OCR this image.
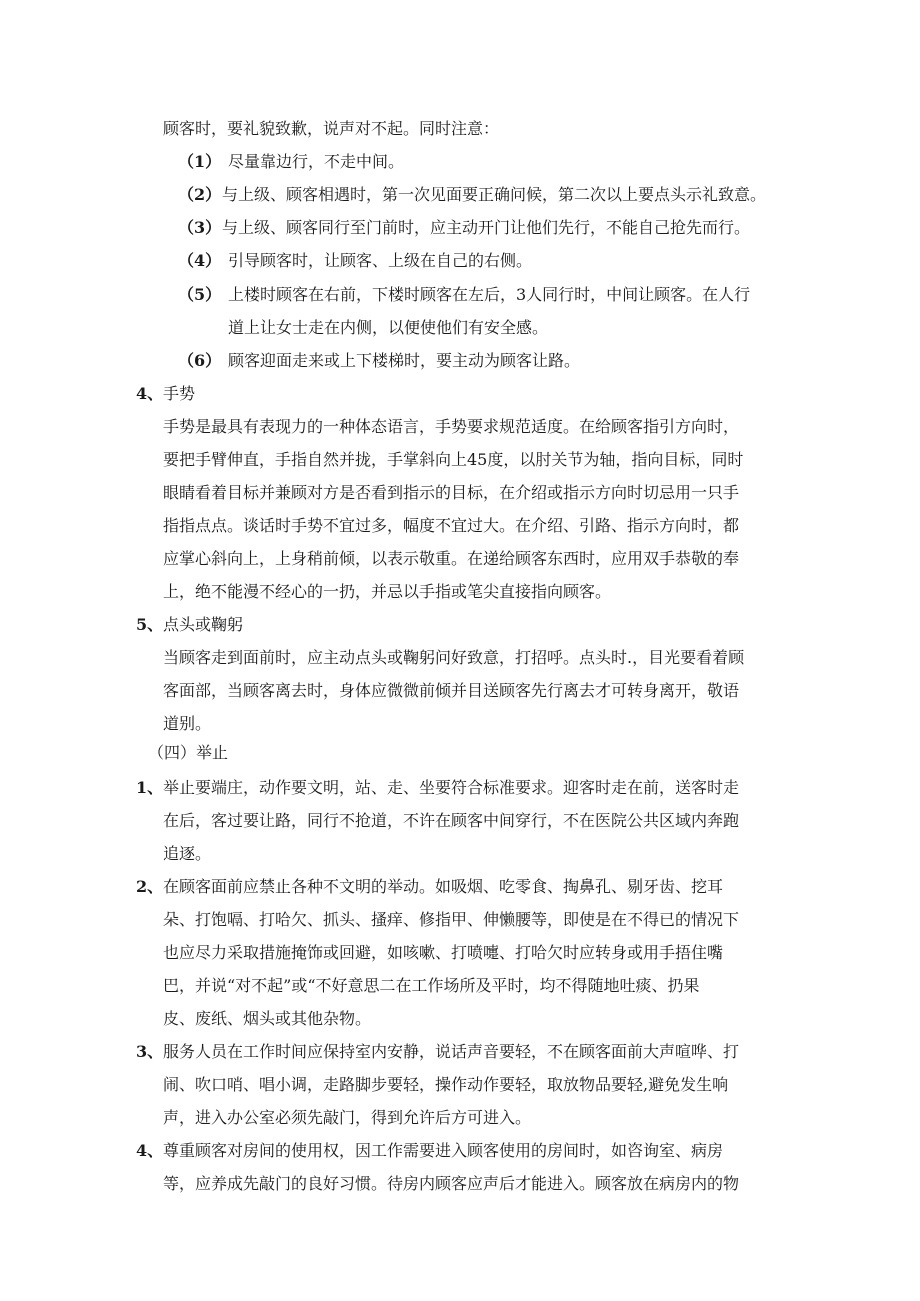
顾客时，要礼貌致歉，说声对不起。同时注意：
（1） 尽量靠边行，不走中间。
（2） 与上级、顾客相遇时，第一次见面要正确问候，第二次以上要点头示礼致意。
（3） 与上级、顾客同行至门前时，应主动开门让他们先行，不能自己抢先而行。
（4） 引导顾客时，让顾客、上级在自己的右侧。
（5） 上楼时顾客在右前，下楼时顾客在左后，3人同行时，中间让顾客。在人行
道上让女士走在内侧，以便使他们有安全感。
（6） 顾客迎面走来或上下楼梯时，要主动为顾客让路。
4、 手势
手势是最具有表现力的一种体态语言，手势要求规范适度。在给顾客指引方向时，
要把手臂伸直，手指自然并拢，手掌斜向上45度，以肘关节为轴，指向目标，同时
眼睛看着目标并兼顾对方是否看到指示的目标，在介绍或指示方向时切忌用一只手
指指点点。谈话时手势不宜过多，幅度不宜过大。在介绍、引路、指示方向时，都
应掌心斜向上，上身稍前倾，以表示敬重。在递给顾客东西时，应用双手恭敬的奉
上，绝不能漫不经心的一扔，并忌以手指或笔尖直接指向顾客。
5、 点头或鞠躬
当顾客走到面前时，应主动点头或鞠躬问好致意，打招呼。点头时.，目光要看着顾
客面部，当顾客离去时，身体应微微前倾并目送顾客先行离去才可转身离开，敬语
道别。
（四）举止
1、 举止要端庄，动作要文明，站、走、坐要符合标准要求。迎客时走在前，送客时走
在后，客过要让路，同行不抢道，不许在顾客中间穿行，不在医院公共区域内奔跑
追逐。
2、 在顾客面前应禁止各种不文明的举动。如吸烟、吃零食、掏鼻孔、剔牙齿、挖耳
朵、打饱嗝、打哈欠、抓头、搔痒、修指甲、伸懒腰等，即使是在不得已的情况下
也应尽力采取措施掩饰或回避，如咳嗽、打喷嚏、打哈欠时应转身或用手捂住嘴
巴，并说“对不起”或“不好意思二在工作场所及平时，均不得随地吐痰、扔果
皮、废纸、烟头或其他杂物。
3、 服务人员在工作时间应保持室内安静，说话声音要轻，不在顾客面前大声喧哗、打
闹、吹口哨、唱小调，走路脚步要轻，操作动作要轻，取放物品要轻,避免发生响
声，进入办公室必须先敲门，得到允许后方可进入。
4、 尊重顾客对房间的使用权，因工作需要进入顾客使用的房间时，如咨询室、病房
等，应养成先敲门的良好习惯。待房内顾客应声后才能进入。顾客放在病房内的物
